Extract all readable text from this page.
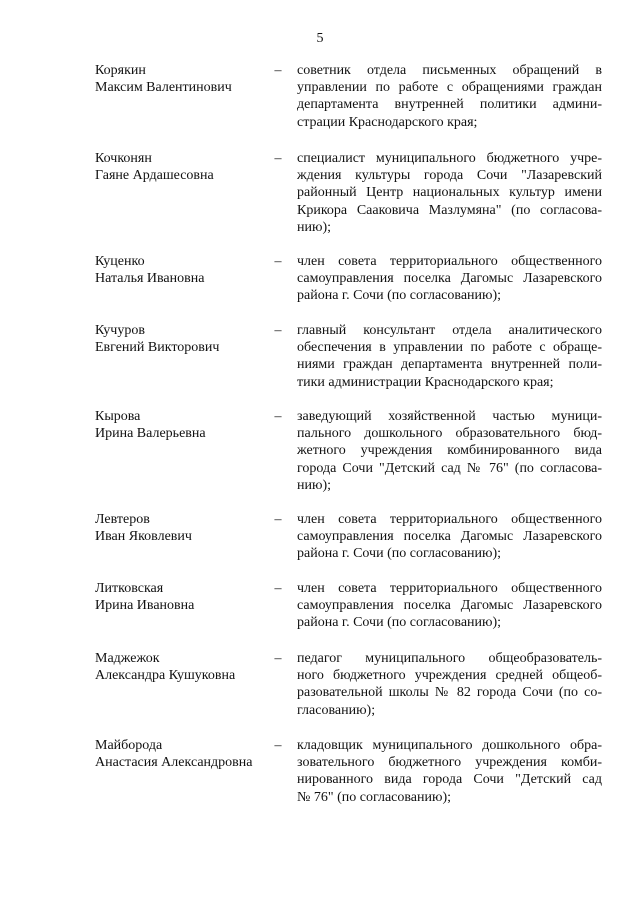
5
Корякин
Максим Валентинович
– советник отдела письменных обращений в
управлении по работе с обращениями граждан
департамента внутренней политики админи-
страции Краснодарского края;
Кочконян
Гаяне Ардашесовна
– специалист муниципального бюджетного учре-
ждения культуры города Сочи "Лазаревский
районный Центр национальных культур имени
Крикора Сааковича Мазлумяна" (по согласова-
нию);
Куценко
Наталья Ивановна
– член совета территориального общественного
самоуправления поселка Дагомыс Лазаревского
района г. Сочи (по согласованию);
Кучуров
Евгений Викторович
– главный консультант отдела аналитического
обеспечения в управлении по работе с обраще-
ниями граждан департамента внутренней поли-
тики администрации Краснодарского края;
Кырова
Ирина Валерьевна
– заведующий хозяйственной частью муници-
пального дошкольного образовательного бюд-
жетного учреждения комбинированного вида
города Сочи "Детский сад № 76" (по согласова-
нию);
Левтеров
Иван Яковлевич
– член совета территориального общественного
самоуправления поселка Дагомыс Лазаревского
района г. Сочи (по согласованию);
Литковская
Ирина Ивановна
– член совета территориального общественного
самоуправления поселка Дагомыс Лазаревского
района г. Сочи (по согласованию);
Маджежок
Александра Кушуковна
– педагог муниципального общеобразователь-
ного бюджетного учреждения средней общеоб-
разовательной школы № 82 города Сочи (по со-
гласованию);
Майборода
Анастасия Александровна
– кладовщик муниципального дошкольного обра-
зовательного бюджетного учреждения комби-
нированного вида города Сочи "Детский сад
№ 76" (по согласованию);
